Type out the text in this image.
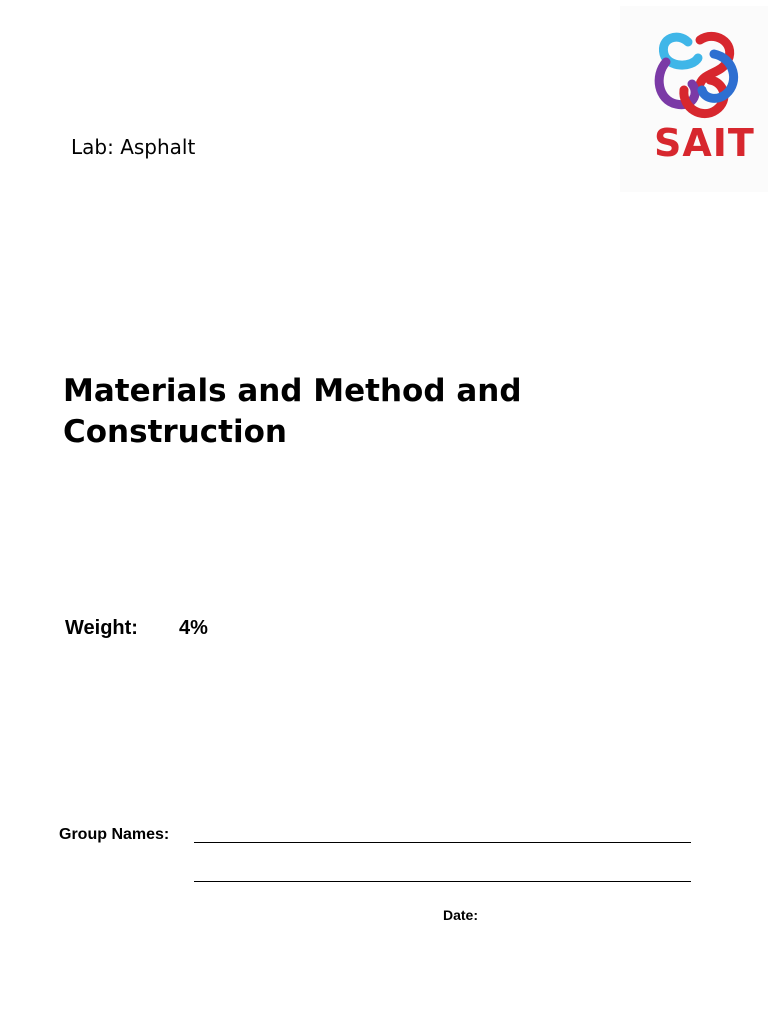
SAIT
Lab: Asphalt
Materials and Method and
Construction
Weight: 4%
Group Names:
Date:
